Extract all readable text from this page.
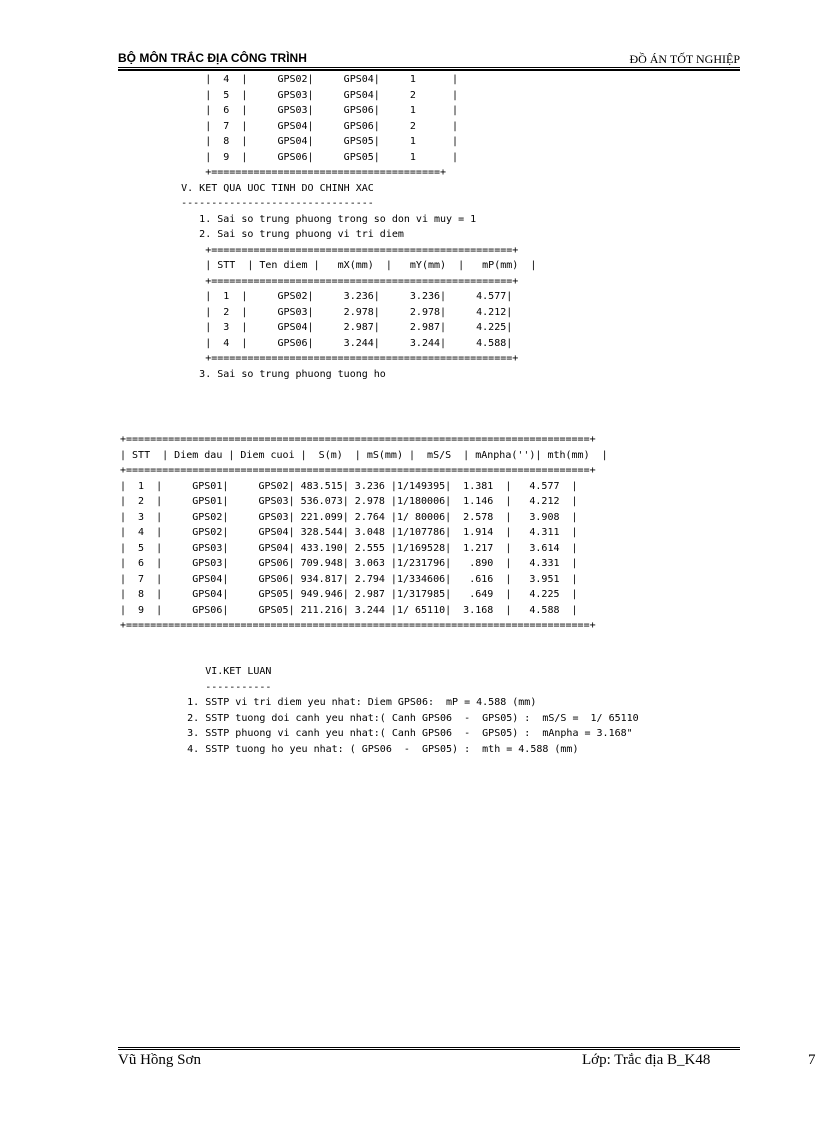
BỘ MÔN TRẮC ĐỊA CÔNG TRÌNH	ĐỒ ÁN TỐT NGHIỆP
|  4  |     GPS02|     GPS04|     1      |
|  5  |     GPS03|     GPS04|     2      |
|  6  |     GPS03|     GPS06|     1      |
|  7  |     GPS04|     GPS06|     2      |
|  8  |     GPS04|     GPS05|     1      |
|  9  |     GPS06|     GPS05|     1      |
+======================================+
V. KET QUA UOC TINH DO CHINH XAC
--------------------------------
1. Sai so trung phuong trong so don vi muy = 1
2. Sai so trung phuong vi tri diem
+==================================================+
| STT  | Ten diem |   mX(mm)  |   mY(mm)  |   mP(mm)  |
+==================================================+
|  1  |     GPS02|     3.236|     3.236|     4.577|
|  2  |     GPS03|     2.978|     2.978|     4.212|
|  3  |     GPS04|     2.987|     2.987|     4.225|
|  4  |     GPS06|     3.244|     3.244|     4.588|
+==================================================+
3. Sai so trung phuong tuong ho
+=============================================================================+
| STT  | Diem dau | Diem cuoi |  S(m)  | mS(mm) |  mS/S  | mAnpha('')| mth(mm)  |
+=============================================================================+
|  1  |     GPS01|     GPS02| 483.515| 3.236 |1/149395|  1.381  |   4.577  |
|  2  |     GPS01|     GPS03| 536.073| 2.978 |1/180006|  1.146  |   4.212  |
|  3  |     GPS02|     GPS03| 221.099| 2.764 |1/ 80006|  2.578  |   3.908  |
|  4  |     GPS02|     GPS04| 328.544| 3.048 |1/107786|  1.914  |   4.311  |
|  5  |     GPS03|     GPS04| 433.190| 2.555 |1/169528|  1.217  |   3.614  |
|  6  |     GPS03|     GPS06| 709.948| 3.063 |1/231796|   .890  |   4.331  |
|  7  |     GPS04|     GPS06| 934.817| 2.794 |1/334606|   .616  |   3.951  |
|  8  |     GPS04|     GPS05| 949.946| 2.987 |1/317985|   .649  |   4.225  |
|  9  |     GPS06|     GPS05| 211.216| 3.244 |1/ 65110|  3.168  |   4.588  |
+=============================================================================+
VI.KET LUAN
-----------
1. SSTP vi tri diem yeu nhat: Diem GPS06:  mP = 4.588 (mm)
2. SSTP tuong doi canh yeu nhat:( Canh GPS06  -  GPS05) :  mS/S =  1/ 65110
3. SSTP phuong vi canh yeu nhat:( Canh GPS06  -  GPS05) :  mAnpha = 3.168"
4. SSTP tuong ho yeu nhat: ( GPS06  -  GPS05) :  mth = 4.588 (mm)
Vũ Hồng Sơn	Lớp: Trắc địa B_K48	7
